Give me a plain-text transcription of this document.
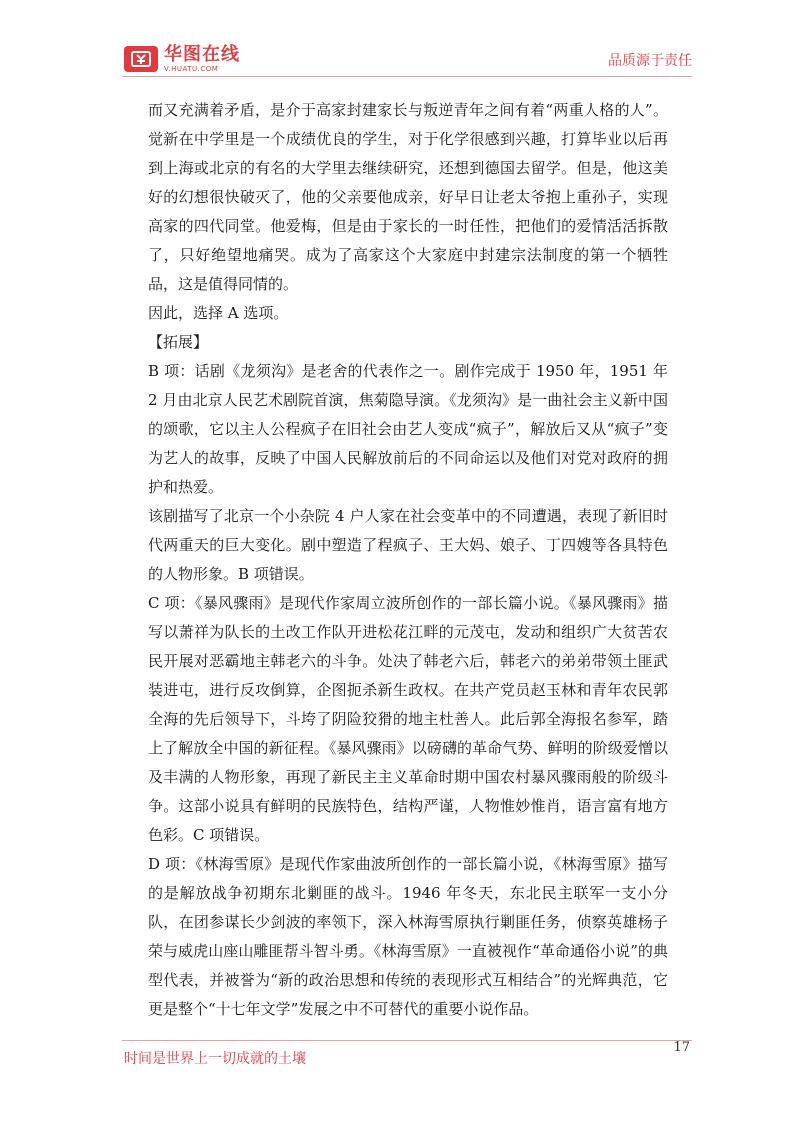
华图在线
V.HUATU.COM	品质源于责任

而又充满着矛盾，是介于高家封建家长与叛逆青年之间有着“两重人格的人”。觉新在中学里是一个成绩优良的学生，对于化学很感到兴趣，打算毕业以后再到上海或北京的有名的大学里去继续研究，还想到德国去留学。但是，他这美好的幻想很快破灭了，他的父亲要他成亲，好早日让老太爷抱上重孙子，实现高家的四代同堂。他爱梅，但是由于家长的一时任性，把他们的爱情活活拆散了，只好绝望地痛哭。成为了高家这个大家庭中封建宗法制度的第一个牺牲品，这是值得同情的。

因此，选择 A 选项。

【拓展】

B 项：话剧《龙须沟》是老舍的代表作之一。剧作完成于 1950 年，1951 年 2 月由北京人民艺术剧院首演，焦菊隐导演。《龙须沟》是一曲社会主义新中国的颂歌，它以主人公程疯子在旧社会由艺人变成“疯子”，解放后又从“疯子”变为艺人的故事，反映了中国人民解放前后的不同命运以及他们对党对政府的拥护和热爱。

该剧描写了北京一个小杂院 4 户人家在社会变革中的不同遭遇，表现了新旧时代两重天的巨大变化。剧中塑造了程疯子、王大妈、娘子、丁四嫂等各具特色的人物形象。B 项错误。

C 项：《暴风骤雨》是现代作家周立波所创作的一部长篇小说。《暴风骤雨》描写以萧祥为队长的土改工作队开进松花江畔的元茂屯，发动和组织广大贫苦农民开展对恶霸地主韩老六的斗争。处决了韩老六后，韩老六的弟弟带领土匪武装进屯，进行反攻倒算，企图扼杀新生政权。在共产党员赵玉林和青年农民郭全海的先后领导下，斗垮了阴险狡猾的地主杜善人。此后郭全海报名参军，踏上了解放全中国的新征程。《暴风骤雨》以磅礴的革命气势、鲜明的阶级爱憎以及丰满的人物形象，再现了新民主主义革命时期中国农村暴风骤雨般的阶级斗争。这部小说具有鲜明的民族特色，结构严谨，人物惟妙惟肖，语言富有地方色彩。C 项错误。

D 项：《林海雪原》是现代作家曲波所创作的一部长篇小说，《林海雪原》描写的是解放战争初期东北剿匪的战斗。1946 年冬天，东北民主联军一支小分队，在团参谋长少剑波的率领下，深入林海雪原执行剿匪任务，侦察英雄杨子荣与威虎山座山雕匪帮斗智斗勇。《林海雪原》一直被视作“革命通俗小说”的典型代表，并被誉为“新的政治思想和传统的表现形式互相结合”的光辉典范，它更是整个“十七年文学”发展之中不可替代的重要小说作品。

时间是世界上一切成就的土壤
17
